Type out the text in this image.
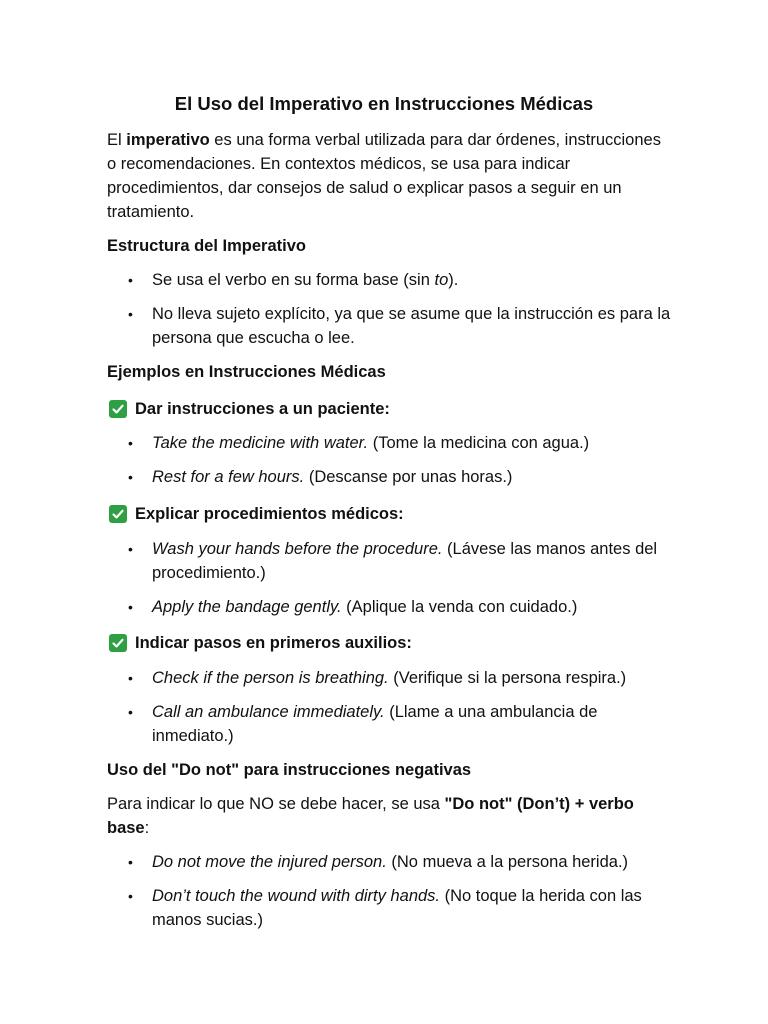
El Uso del Imperativo en Instrucciones Médicas
El imperativo es una forma verbal utilizada para dar órdenes, instrucciones o recomendaciones. En contextos médicos, se usa para indicar procedimientos, dar consejos de salud o explicar pasos a seguir en un tratamiento.
Estructura del Imperativo
•	Se usa el verbo en su forma base (sin to).
•	No lleva sujeto explícito, ya que se asume que la instrucción es para la persona que escucha o lee.
Ejemplos en Instrucciones Médicas
Dar instrucciones a un paciente:
•	Take the medicine with water. (Tome la medicina con agua.)
•	Rest for a few hours. (Descanse por unas horas.)
Explicar procedimientos médicos:
•	Wash your hands before the procedure. (Lávese las manos antes del procedimiento.)
•	Apply the bandage gently. (Aplique la venda con cuidado.)
Indicar pasos en primeros auxilios:
•	Check if the person is breathing. (Verifique si la persona respira.)
•	Call an ambulance immediately. (Llame a una ambulancia de inmediato.)
Uso del "Do not" para instrucciones negativas
Para indicar lo que NO se debe hacer, se usa "Do not" (Don’t) + verbo base:
•	Do not move the injured person. (No mueva a la persona herida.)
•	Don’t touch the wound with dirty hands. (No toque la herida con las manos sucias.)
